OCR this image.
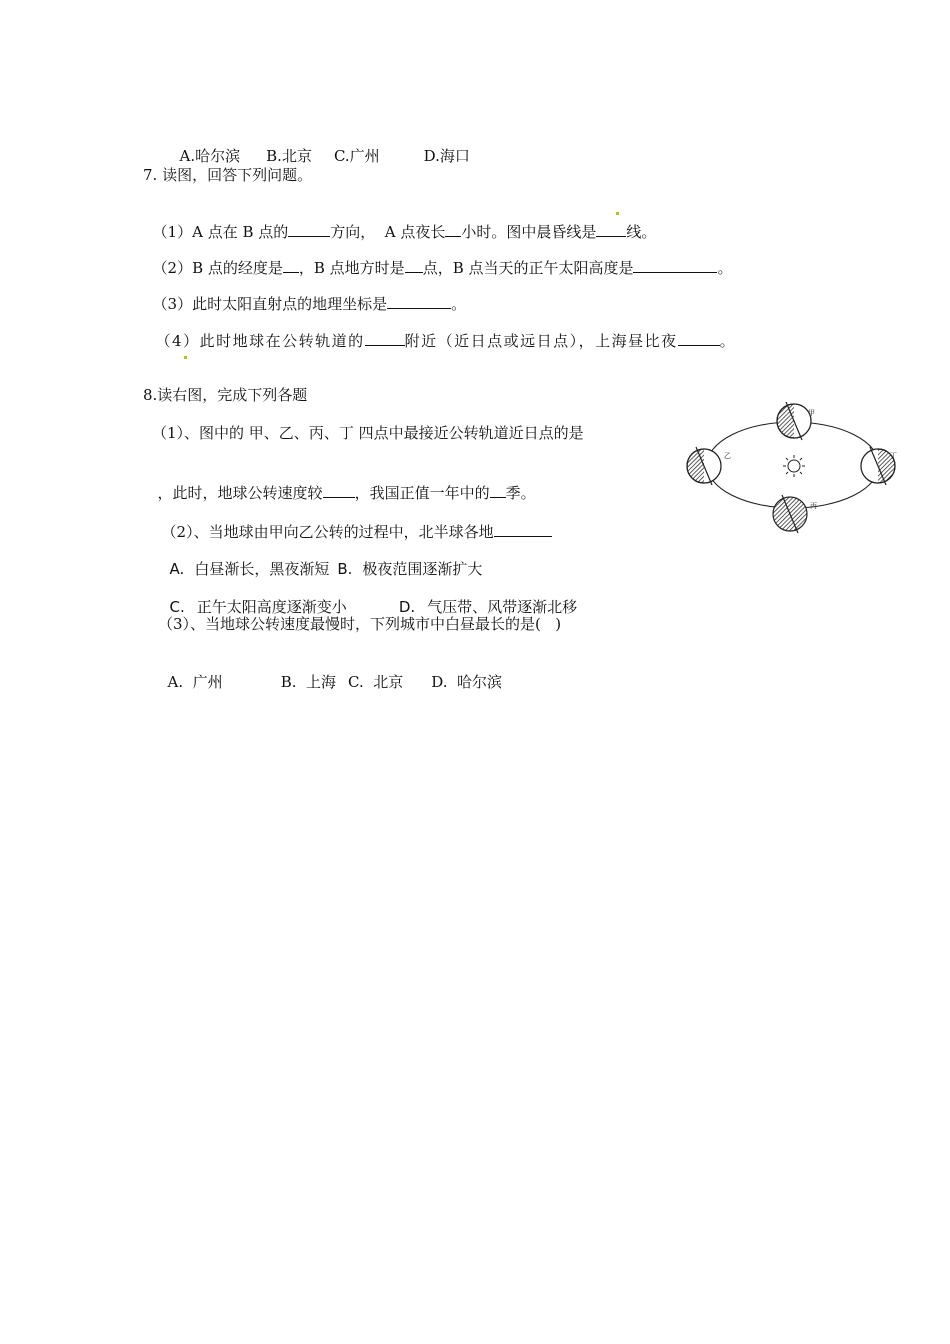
A.哈尔滨 B.北京 C.广州	D.海口

7. 读图，回答下列问题。

（1）A 点在 B 点的	方向，  A 点夜长 小时。图中晨昏线是 线。

（2）B 点的经度是 ，B 点地方时是 点，B 点当天的正午太阳高度是	。

（3）此时太阳直射点的地理坐标是	。

（4）此时地球在公转轨道的	附近（近日点或远日点），上海昼比夜	。

8.读右图，完成下列各题
（1）、图中的 甲、乙、丙、丁 四点中最接近公转轨道近日点的是

，此时，地球公转速度较 ，我国正值一年中的 季。

（2）、当地球由甲向乙公转的过程中，北半球各地

A. 白昼渐长，黑夜渐短 B. 极夜范围逐渐扩大

C. 正午太阳高度逐渐变小	D. 气压带、风带逐渐北移

（3）、当地球公转速度最慢时，下列城市中白昼最长的是(   )

A.  广州	B.  上海 C.  北京 D.  哈尔滨

甲
乙
丙
丁
